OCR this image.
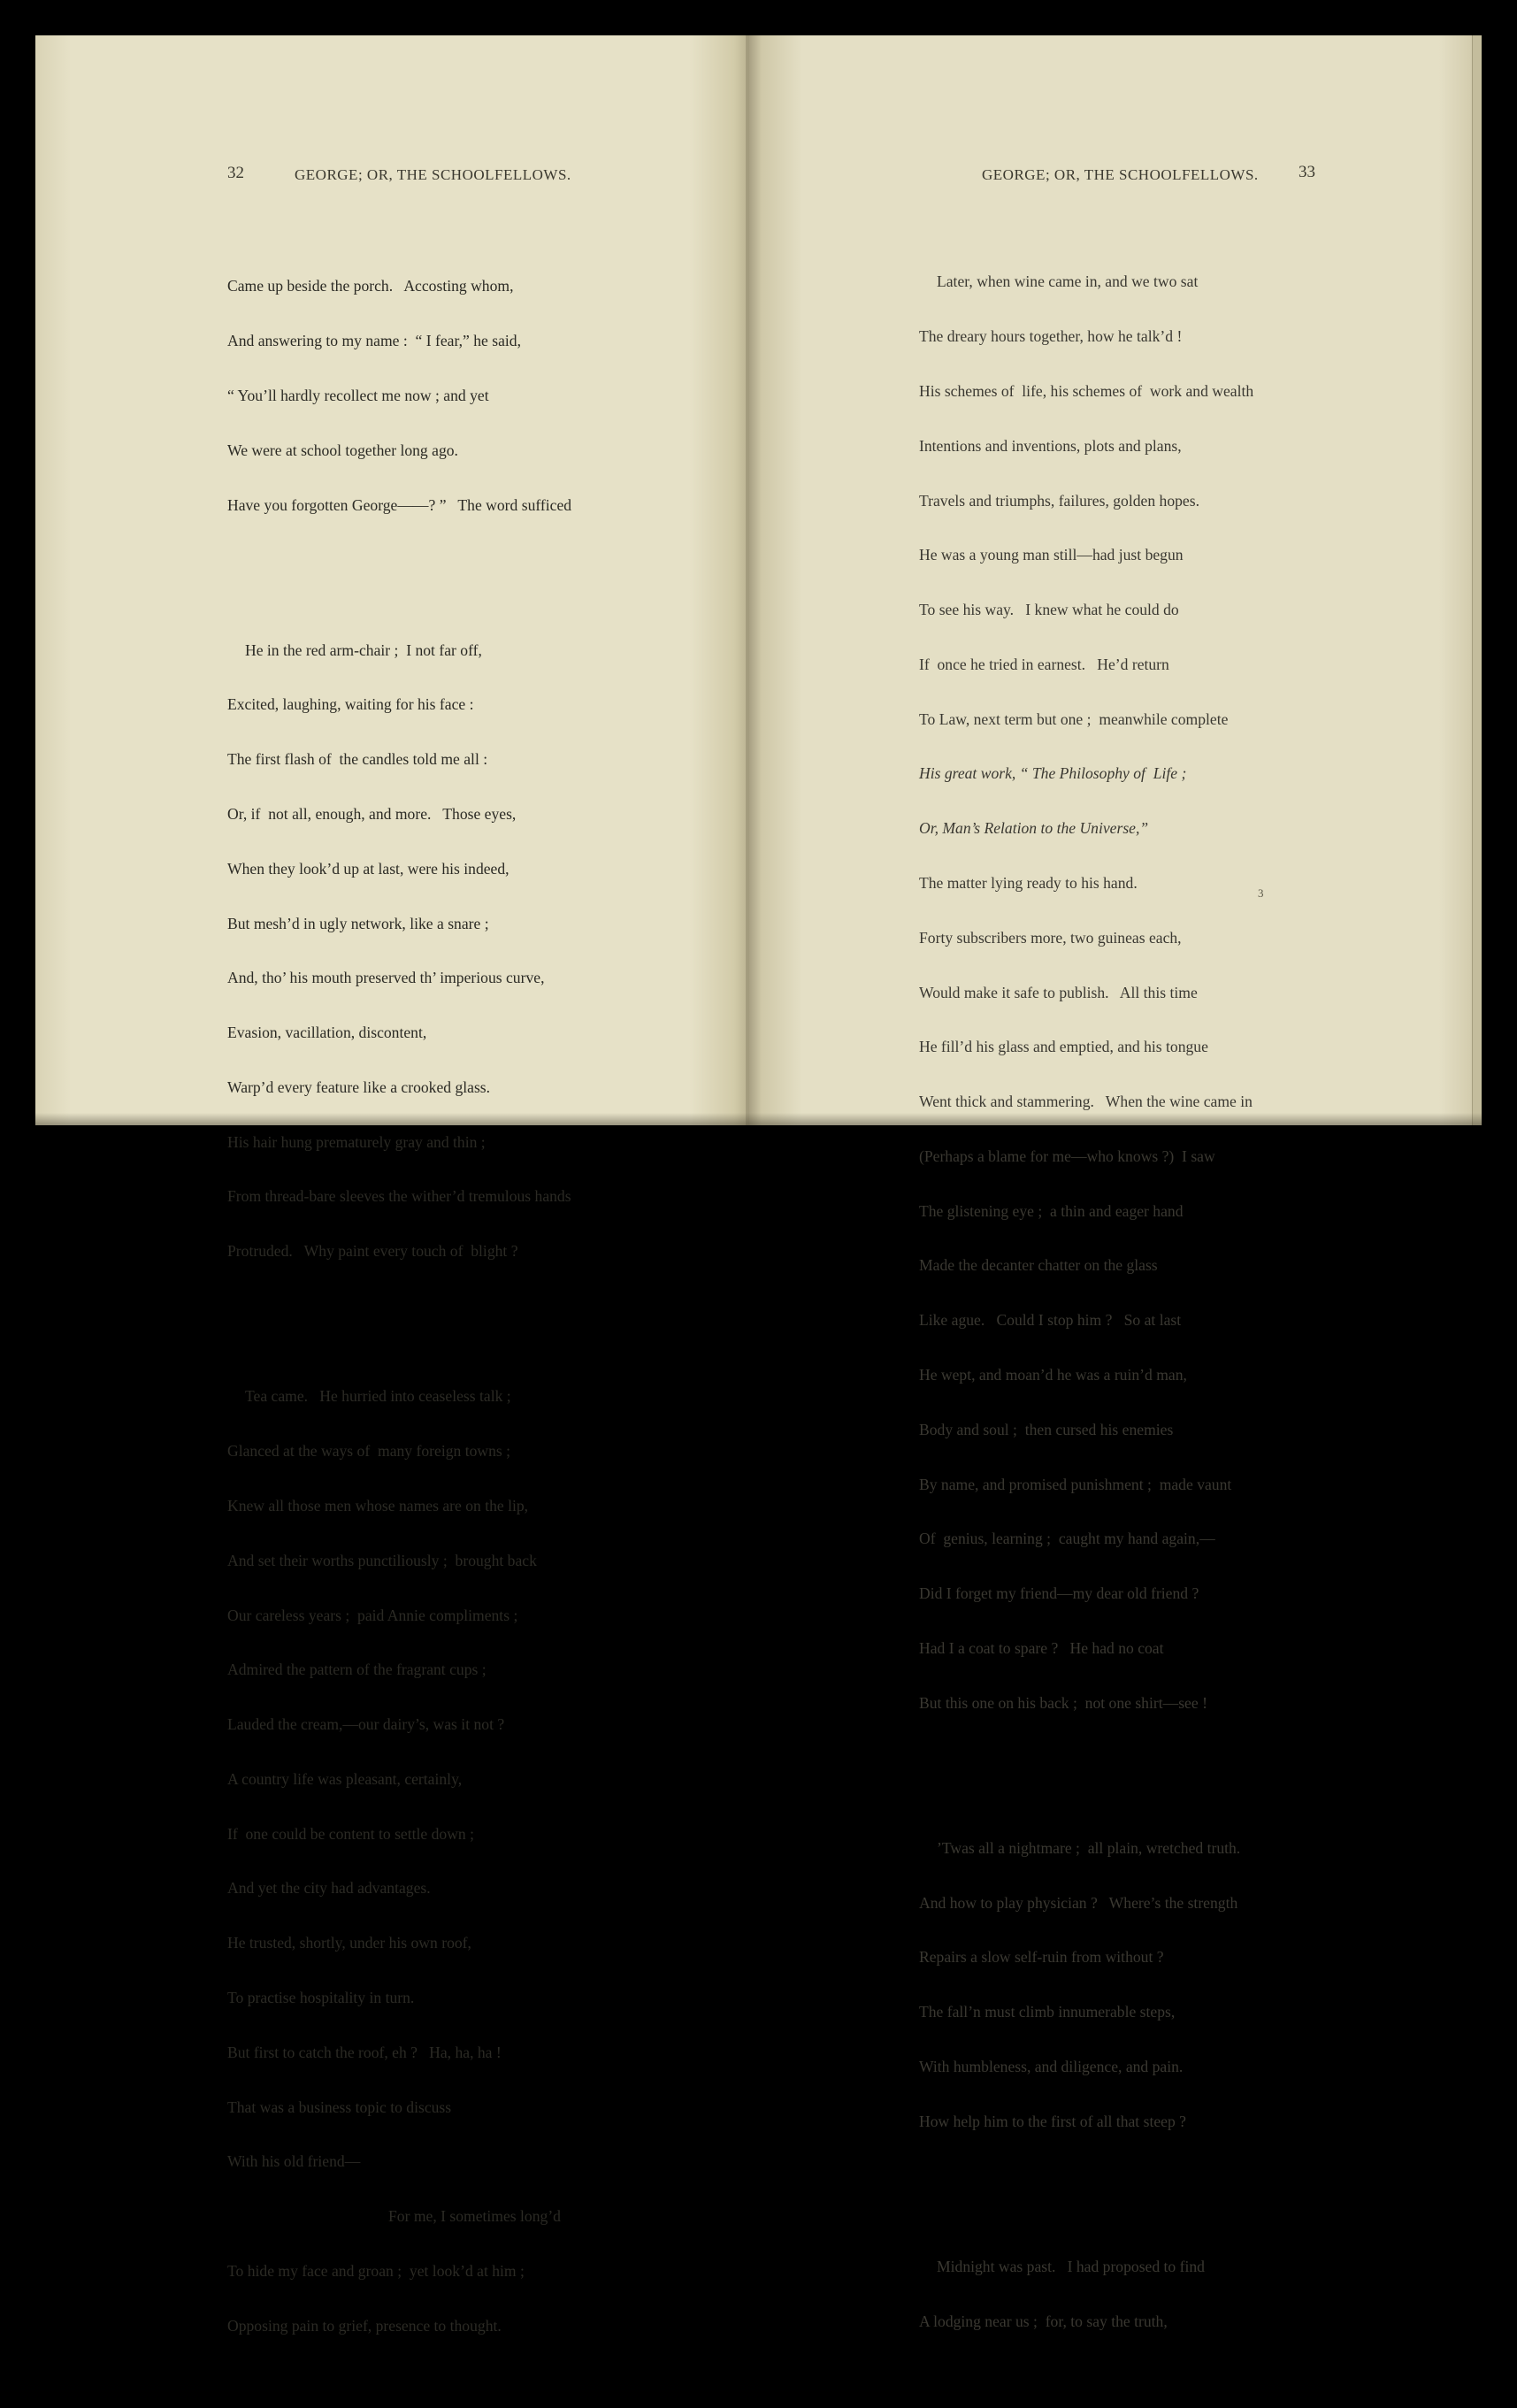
32	GEORGE; OR, THE SCHOOLFELLOWS.

Came up beside the porch.   Accosting whom,

And answering to my name :  “ I fear,” he said,

“ You’ll hardly recollect me now ; and yet

We were at school together long ago.

Have you forgotten George——? ”   The word sufficed

He in the red arm-chair ;  I not far off,

Excited, laughing, waiting for his face :

The first flash of  the candles told me all :

Or, if  not all, enough, and more.   Those eyes,

When they look’d up at last, were his indeed,

But mesh’d in ugly network, like a snare ;

And, tho’ his mouth preserved th’ imperious curve,

Evasion, vacillation, discontent,

Warp’d every feature like a crooked glass.

His hair hung prematurely gray and thin ;

From thread-bare sleeves the wither’d tremulous hands

Protruded.   Why paint every touch of  blight ?

Tea came.   He hurried into ceaseless talk ;

Glanced at the ways of  many foreign towns ;

Knew all those men whose names are on the lip,

And set their worths punctiliously ;  brought back

Our careless years ;  paid Annie compliments ;

Admired the pattern of the fragrant cups ;

Lauded the cream,—our dairy’s, was it not ?

A country life was pleasant, certainly,

If  one could be content to settle down ;

And yet the city had advantages.

He trusted, shortly, under his own roof,

To practise hospitality in turn.

But first to catch the roof, eh ?   Ha, ha, ha !

That was a business topic to discuss

With his old friend—

For me, I sometimes long’d

To hide my face and groan ;  yet look’d at him ;

Opposing pain to grief, presence to thought.

GEORGE; OR, THE SCHOOLFELLOWS. 33

Later, when wine came in, and we two sat

The dreary hours together, how he talk’d !

His schemes of  life, his schemes of  work and wealth

Intentions and inventions, plots and plans,

Travels and triumphs, failures, golden hopes.

He was a young man still—had just begun

To see his way.   I knew what he could do

If  once he tried in earnest.   He’d return

To Law, next term but one ;  meanwhile complete

His great work, “ The Philosophy of  Life ;

Or, Man’s Relation to the Universe,”

The matter lying ready to his hand.

Forty subscribers more, two guineas each,

Would make it safe to publish.   All this time

He fill’d his glass and emptied, and his tongue

Went thick and stammering.   When the wine came in

(Perhaps a blame for me—who knows ?)  I saw

The glistening eye ;  a thin and eager hand

Made the decanter chatter on the glass

Like ague.   Could I stop him ?   So at last

He wept, and moan’d he was a ruin’d man,

Body and soul ;  then cursed his enemies

By name, and promised punishment ;  made vaunt

Of  genius, learning ;  caught my hand again,—

Did I forget my friend—my dear old friend ?

Had I a coat to spare ?   He had no coat

But this one on his back ;  not one shirt—see !

’Twas all a nightmare ;  all plain, wretched truth.

And how to play physician ?   Where’s the strength

Repairs a slow self-ruin from without ?

The fall’n must climb innumerable steps,

With humbleness, and diligence, and pain.

How help him to the first of all that steep ?

Midnight was past.   I had proposed to find

A lodging near us ;  for, to say the truth,

3
